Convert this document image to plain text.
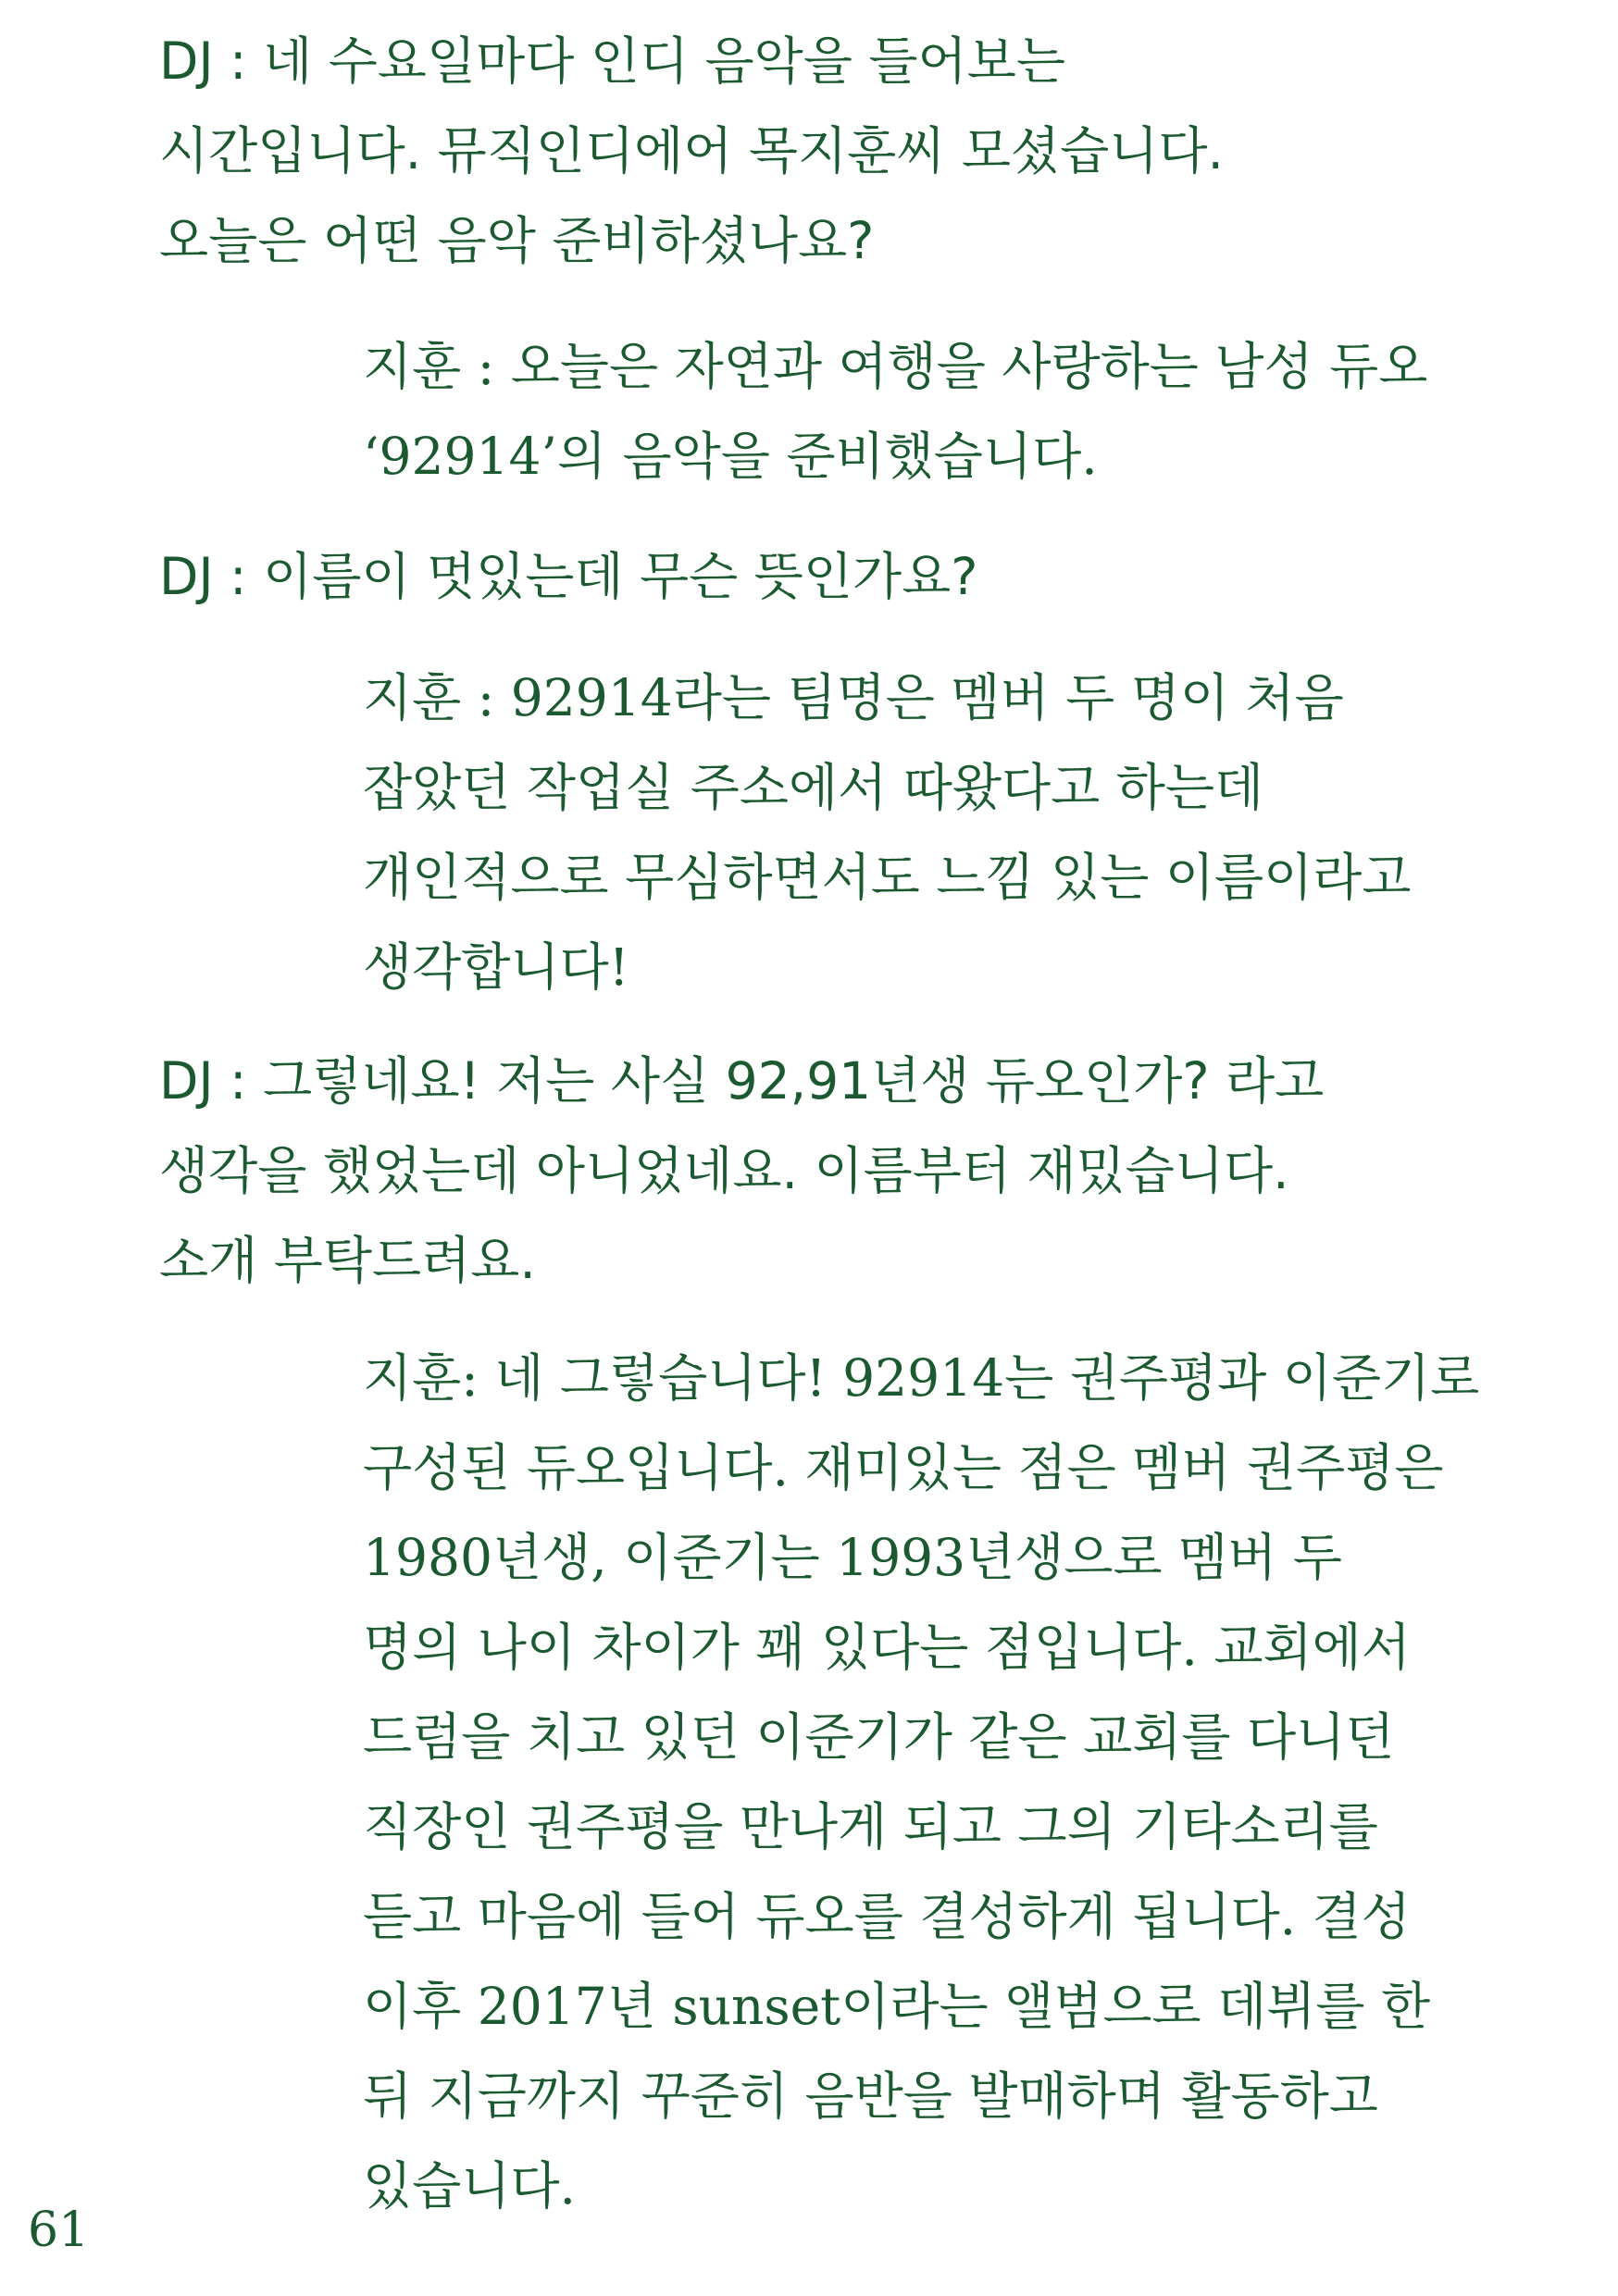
DJ : 네 수요일마다 인디 음악을 들어보는
시간입니다. 뮤직인디에어 목지훈씨 모셨습니다.
오늘은 어떤 음악 준비하셨나요?
지훈 : 오늘은 자연과 여행을 사랑하는 남성 듀오
‘92914’의 음악을 준비했습니다.
DJ : 이름이 멋있는데 무슨 뜻인가요?
지훈 : 92914라는 팀명은 멤버 두 명이 처음
잡았던 작업실 주소에서 따왔다고 하는데
개인적으로 무심하면서도 느낌 있는 이름이라고
생각합니다!
DJ : 그렇네요! 저는 사실 92,91년생 듀오인가? 라고
생각을 했었는데 아니었네요. 이름부터 재밌습니다.
소개 부탁드려요.
지훈: 네 그렇습니다! 92914는 권주평과 이준기로
구성된 듀오입니다. 재미있는 점은 멤버 권주평은
1980년생, 이준기는 1993년생으로 멤버 두
명의 나이 차이가 꽤 있다는 점입니다. 교회에서
드럼을 치고 있던 이준기가 같은 교회를 다니던
직장인 권주평을 만나게 되고 그의 기타소리를
듣고 마음에 들어 듀오를 결성하게 됩니다. 결성
이후 2017년 sunset이라는 앨범으로 데뷔를 한
뒤 지금까지 꾸준히 음반을 발매하며 활동하고
있습니다.

61
